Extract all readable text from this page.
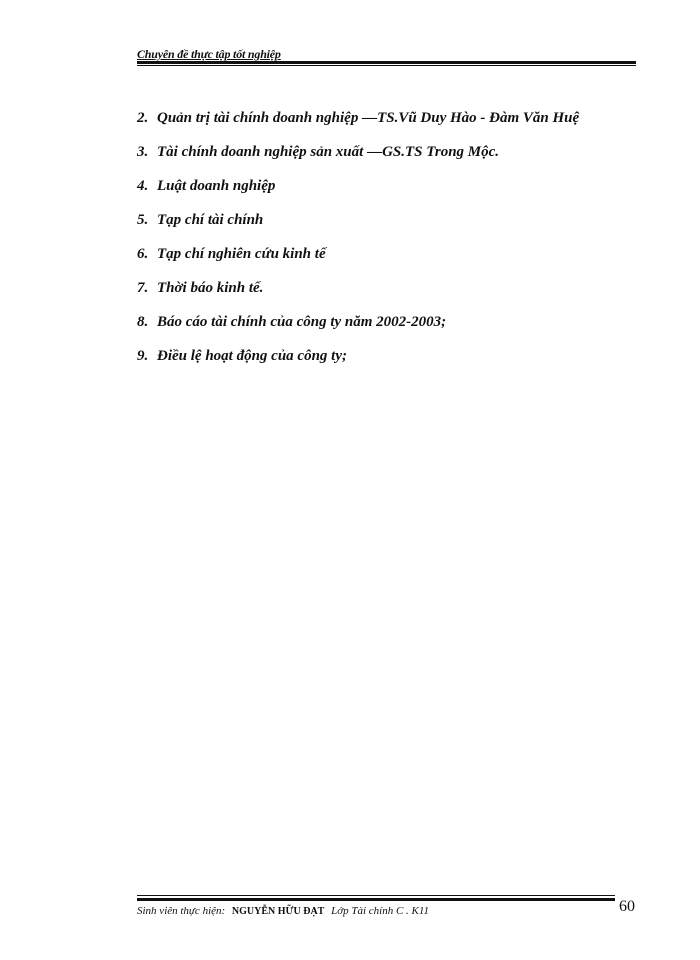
Chuyên đề thực tập tốt nghiệp
2. Quản trị tài chính doanh nghiệp —TS.Vũ Duy Hào - Đàm Văn Huệ
3. Tài chính doanh nghiệp sản xuất —GS.TS Trong Mộc.
4. Luật doanh nghiệp
5. Tạp chí tài chính
6. Tạp chí nghiên cứu kinh tế
7. Thời báo kinh tế.
8. Báo cáo tài chính của công ty năm 2002-2003;
9. Điều lệ hoạt động của công ty;
Sinh viên thực hiện: NGUYỄN HỮU ĐẠT Lớp Tài chính C . K11	60
